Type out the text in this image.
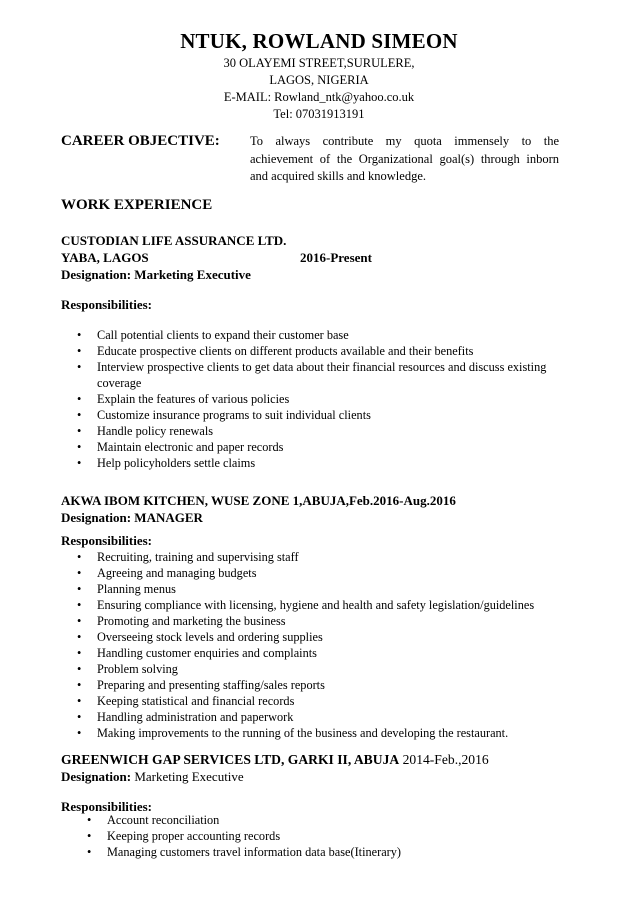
NTUK, ROWLAND SIMEON
30 OLAYEMI STREET,SURULERE,
LAGOS, NIGERIA
E-MAIL: Rowland_ntk@yahoo.co.uk
Tel: 07031913191
CAREER OBJECTIVE: To always contribute my quota immensely to the achievement of the Organizational goal(s) through inborn and acquired skills and knowledge.
WORK EXPERIENCE
CUSTODIAN LIFE ASSURANCE LTD.
YABA, LAGOS	2016-Present
Designation: Marketing Executive
Responsibilities:
• Call potential clients to expand their customer base
• Educate prospective clients on different products available and their benefits
• Interview prospective clients to get data about their financial resources and discuss existing coverage
• Explain the features of various policies
• Customize insurance programs to suit individual clients
• Handle policy renewals
• Maintain electronic and paper records
• Help policyholders settle claims
AKWA IBOM KITCHEN, WUSE ZONE 1,ABUJA,Feb.2016-Aug.2016
Designation: MANAGER
Responsibilities:
• Recruiting, training and supervising staff
• Agreeing and managing budgets
• Planning menus
• Ensuring compliance with licensing, hygiene and health and safety legislation/guidelines
• Promoting and marketing the business
• Overseeing stock levels and ordering supplies
• Handling customer enquiries and complaints
• Problem solving
• Preparing and presenting staffing/sales reports
• Keeping statistical and financial records
• Handling administration and paperwork
• Making improvements to the running of the business and developing the restaurant.
GREENWICH GAP SERVICES LTD, GARKI II, ABUJA 2014-Feb.,2016
Designation: Marketing Executive
Responsibilities:
• Account reconciliation
• Keeping proper accounting records
• Managing customers travel information data base(Itinerary)
